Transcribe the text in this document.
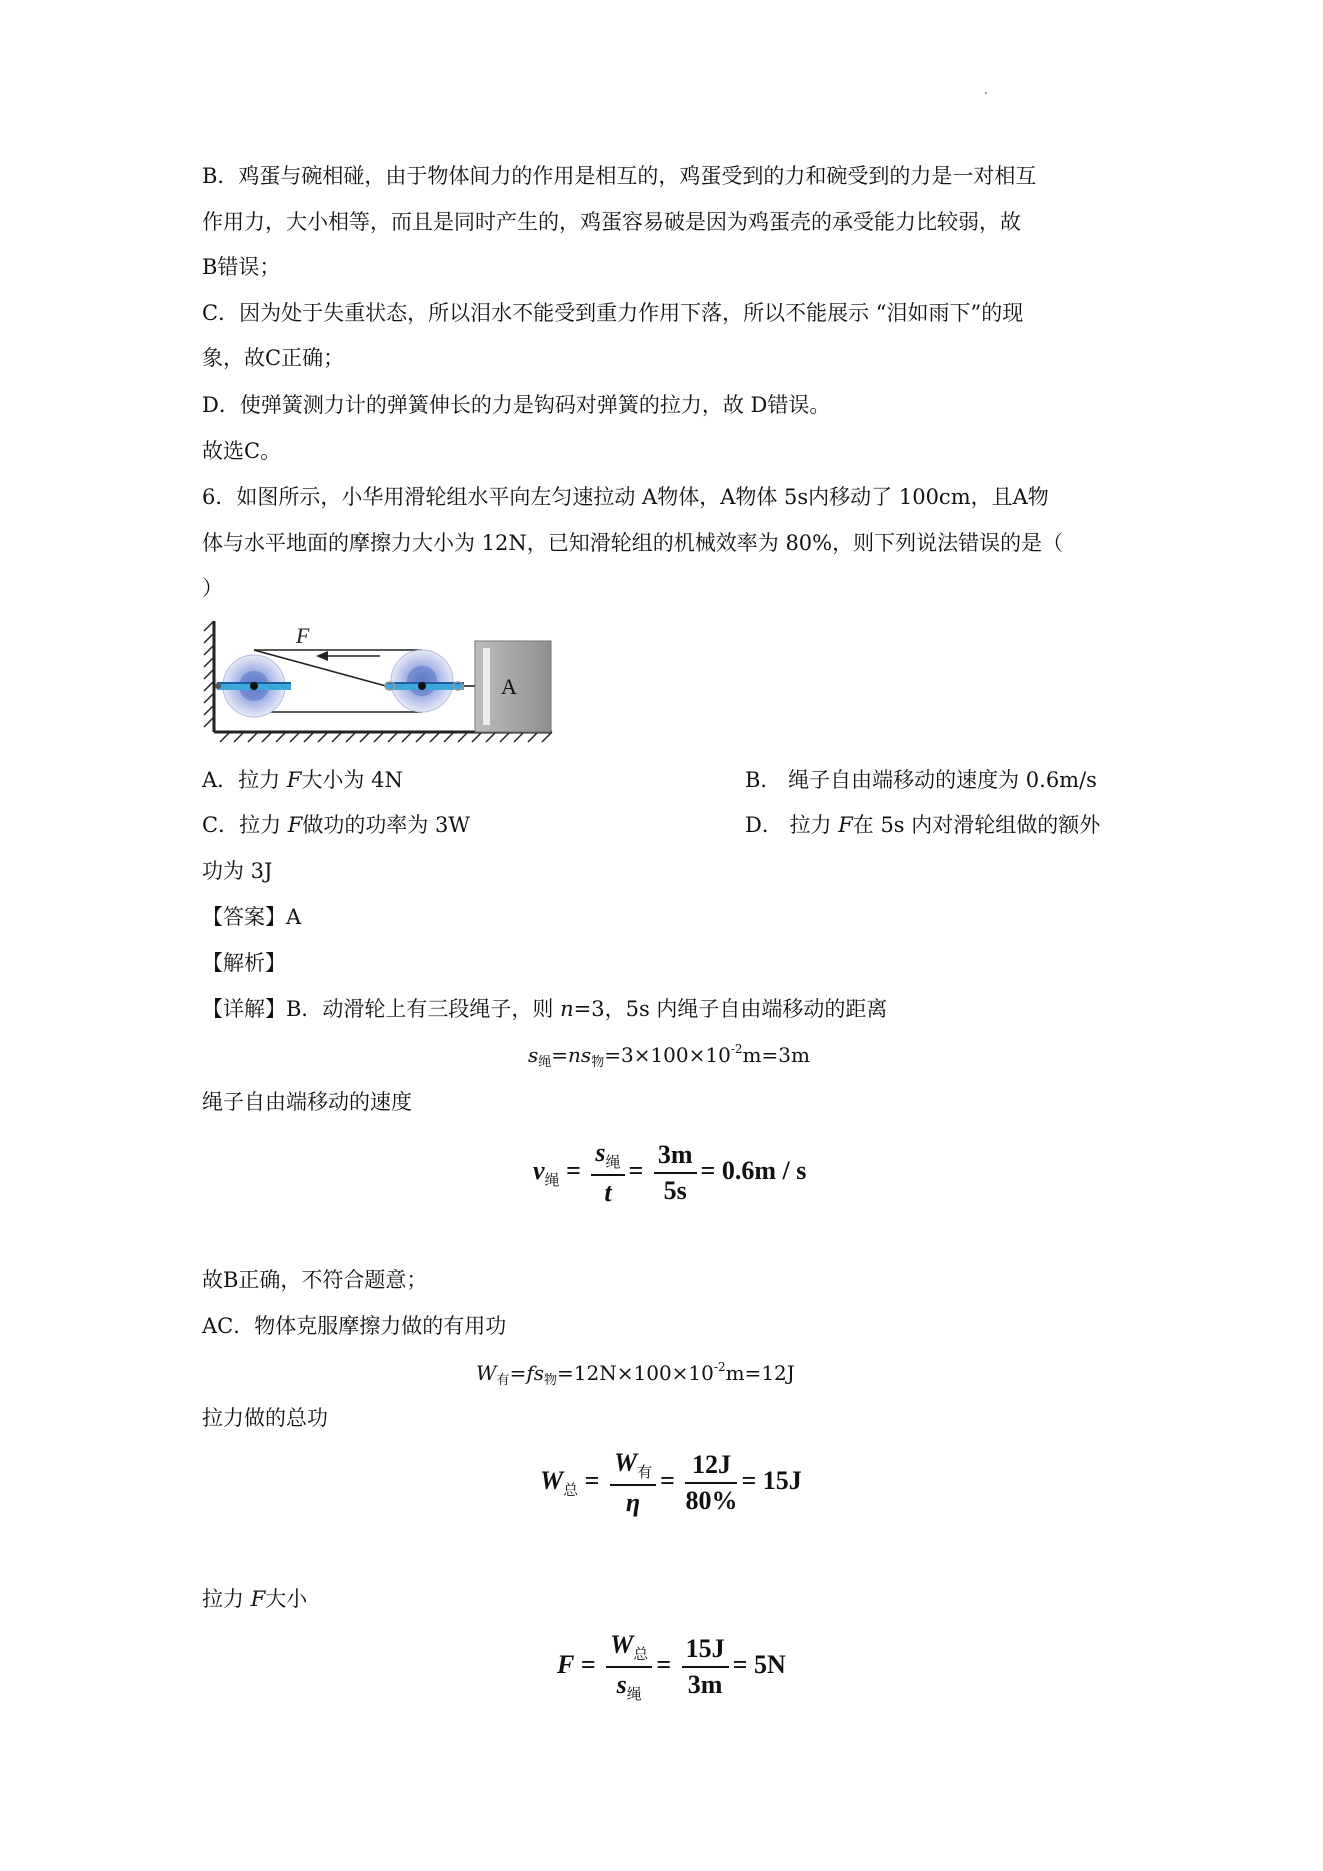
B．鸡蛋与碗相碰，由于物体间力的作用是相互的，鸡蛋受到的力和碗受到的力是一对相互
作用力，大小相等，而且是同时产生的，鸡蛋容易破是因为鸡蛋壳的承受能力比较弱，故
B错误；
C．因为处于失重状态，所以泪水不能受到重力作用下落，所以不能展示 “泪如雨下”的现
象，故C正确；
D．使弹簧测力计的弹簧伸长的力是钩码对弹簧的拉力，故 D错误。
故选C。
6．如图所示，小华用滑轮组水平向左匀速拉动 A物体，A物体 5s内移动了 100cm，且A物
体与水平地面的摩擦力大小为 12N，已知滑轮组的机械效率为 80%，则下列说法错误的是（
）
F
A
A．拉力 F大小为 4N	B． 绳子自由端移动的速度为 0.6m/s
C．拉力 F做功的功率为 3W	D． 拉力 F在 5s 内对滑轮组做的额外
功为 3J
【答案】A
【解析】
【详解】B．动滑轮上有三段绳子，则 n=3，5s 内绳子自由端移动的距离
$s_绳=ns_物=3\times 100\times 10^{-2}m=3m$
绳子自由端移动的速度
$v_绳 = \frac{s_绳}{t} = \frac{3m}{5s} = 0.6m / s$
故B正确，不符合题意；
AC．物体克服摩擦力做的有用功
$W_有=fs_物=12N\times 100\times 10^{-2}m=12J$
拉力做的总功
$W_总 = \frac{W_有}{\eta} = \frac{12J}{80\%} = 15J$
拉力 F大小
$F = \frac{W_总}{s_绳} = \frac{15J}{3m} = 5N$
